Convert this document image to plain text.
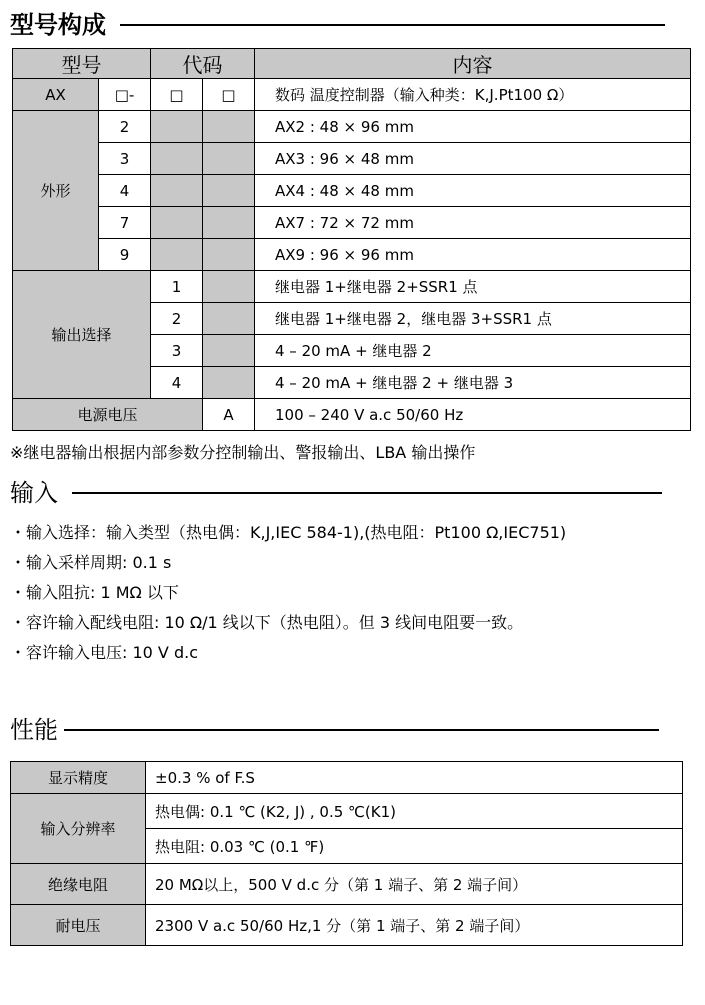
型号构成
型号		代码		内容
AX	□-	□	□	数码 温度控制器（输入种类：K,J.Pt100 Ω）
外形	2			AX2 : 48 × 96 mm
	3			AX3 : 96 × 48 mm
	4			AX4 : 48 × 48 mm
	7			AX7 : 72 × 72 mm
	9			AX9 : 96 × 96 mm
输出选择		1		继电器 1+继电器 2+SSR1 点
		2		继电器 1+继电器 2，继电器 3+SSR1 点
		3		4 – 20 mA + 继电器 2
		4		4 – 20 mA + 继电器 2 + 继电器 3
电源电压			A	100 – 240 V a.c 50/60 Hz
※继电器输出根据内部参数分控制输出、警报输出、LBA 输出操作
输入
・输入选择：输入类型（热电偶：K,J,IEC 584-1),(热电阻：Pt100 Ω,IEC751)
・输入采样周期: 0.1 s
・输入阻抗: 1 MΩ 以下
・容许输入配线电阻: 10 Ω/1 线以下（热电阻）。但 3 线间电阻要一致。
・容许输入电压: 10 V d.c
性能
显示精度	±0.3 % of F.S
输入分辨率	热电偶: 0.1 ℃ (K2, J) , 0.5 ℃(K1)
	热电阻: 0.03 ℃ (0.1 ℉)
绝缘电阻	20 MΩ以上，500 V d.c 分（第 1 端子、第 2 端子间）
耐电压	2300 V a.c 50/60 Hz,1 分（第 1 端子、第 2 端子间）
